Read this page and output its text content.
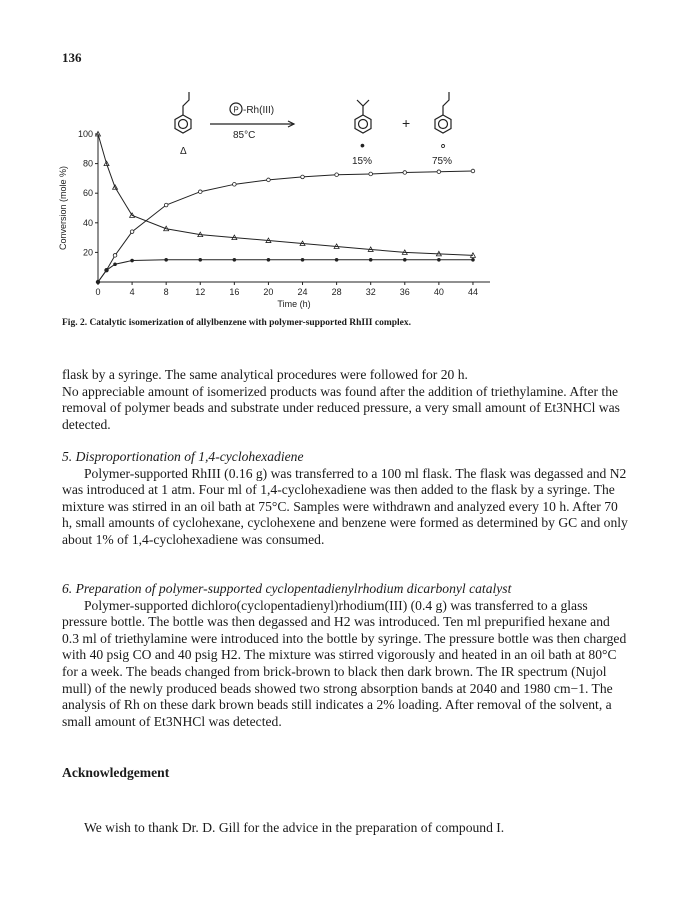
136
P -Rh(III)
85°C
+
Δ	•	∘
15%	75%
0	4	8	12	16	20	24	28	32	36	40	44
20
40
60
80
100
Time (h)
Conversion (mole %)
Fig. 2. Catalytic isomerization of allylbenzene with polymer-supported RhIII complex.

flask by a syringe. The same analytical procedures were followed for 20 h.

No appreciable amount of isomerized products was found after the addition of triethylamine. After the removal of polymer beads and substrate under reduced pressure, a very small amount of Et3NHCl was detected.

5. Disproportionation of 1,4-cyclohexadiene

Polymer-supported RhIII (0.16 g) was transferred to a 100 ml flask. The flask was degassed and N2 was introduced at 1 atm. Four ml of 1,4-cyclohexadiene was then added to the flask by a syringe. The mixture was stirred in an oil bath at 75°C. Samples were withdrawn and analyzed every 10 h. After 70 h, small amounts of cyclohexane, cyclohexene and benzene were formed as determined by GC and only about 1% of 1,4-cyclohexadiene was consumed.

6. Preparation of polymer-supported cyclopentadienylrhodium dicarbonyl catalyst

Polymer-supported dichloro(cyclopentadienyl)rhodium(III) (0.4 g) was transferred to a glass pressure bottle. The bottle was then degassed and H2 was introduced. Ten ml prepurified hexane and 0.3 ml of triethylamine were introduced into the bottle by syringe. The pressure bottle was then charged with 40 psig CO and 40 psig H2. The mixture was stirred vigorously and heated in an oil bath at 80°C for a week. The beads changed from brick-brown to black then dark brown. The IR spectrum (Nujol mull) of the newly produced beads showed two strong absorption bands at 2040 and 1980 cm−1. The analysis of Rh on these dark brown beads still indicates a 2% loading. After removal of the solvent, a small amount of Et3NHCl was detected.

Acknowledgement

We wish to thank Dr. D. Gill for the advice in the preparation of compound I.
